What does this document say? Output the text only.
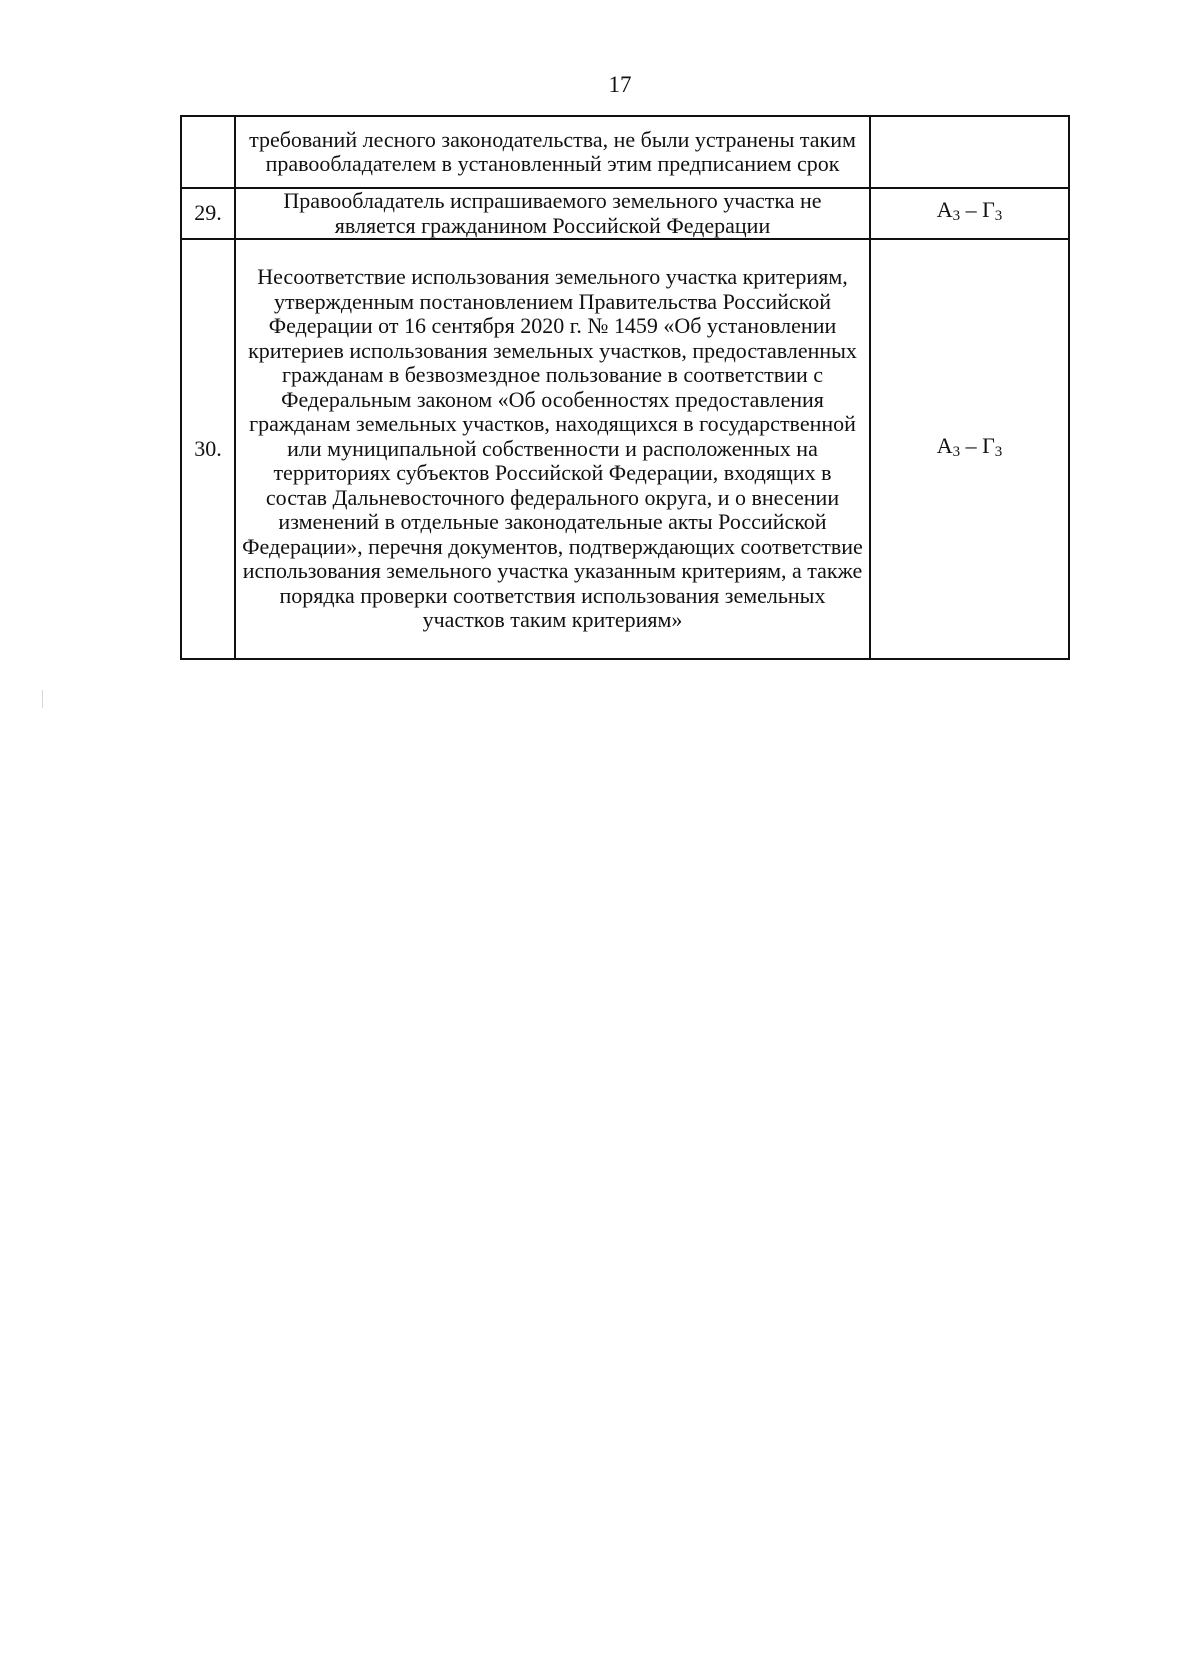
17
	требований лесного законодательства, не были устранены таким правообладателем в установленный этим предписанием срок	
29.	Правообладатель испрашиваемого земельного участка не является гражданином Российской Федерации	$А_3 - Г_3$
30.	Несоответствие использования земельного участка критериям, утвержденным постановлением Правительства Российской Федерации от 16 сентября 2020 г. № 1459 «Об установлении критериев использования земельных участков, предоставленных гражданам в безвозмездное пользование в соответствии с Федеральным законом «Об особенностях предоставления гражданам земельных участков, находящихся в государственной или муниципальной собственности и расположенных на территориях субъектов Российской Федерации, входящих в состав Дальневосточного федерального округа, и о внесении изменений в отдельные законодательные акты Российской Федерации», перечня документов, подтверждающих соответствие использования земельного участка указанным критериям, а также порядка проверки соответствия использования земельных участков таким критериям»	$А_3 - Г_3$
